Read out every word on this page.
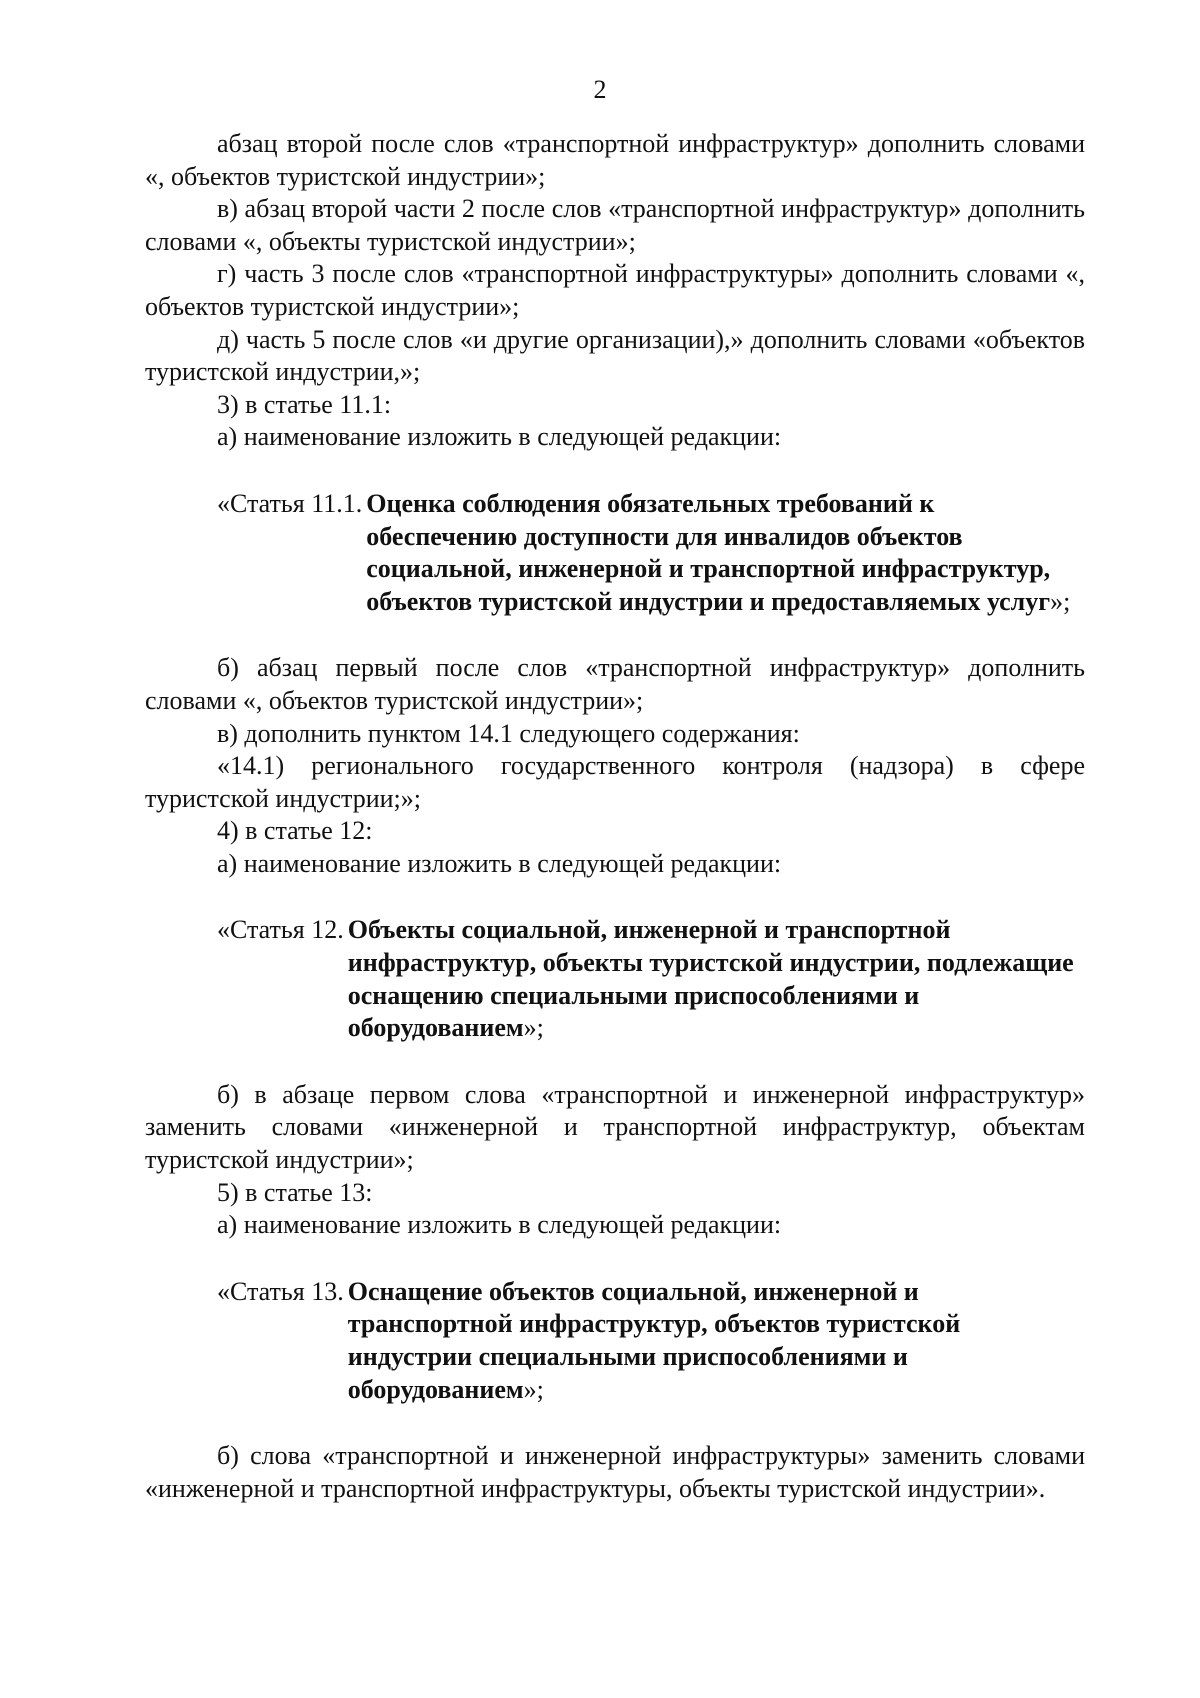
2

абзац второй после слов «транспортной инфраструктур» дополнить словами «, объектов туристской индустрии»;

в) абзац второй части 2 после слов «транспортной инфраструктур» дополнить словами «, объекты туристской индустрии»;

г) часть 3 после слов «транспортной инфраструктуры» дополнить словами «, объектов туристской индустрии»;

д) часть 5 после слов «и другие организации),» дополнить словами «объектов туристской индустрии,»;

3) в статье 11.1:

а) наименование изложить в следующей редакции:

«Статья 11.1. Оценка соблюдения обязательных требований к обеспечению доступности для инвалидов объектов социальной, инженерной и транспортной инфраструктур, объектов туристской индустрии и предоставляемых услуг»;

б) абзац первый после слов «транспортной инфраструктур» дополнить словами «, объектов туристской индустрии»;

в) дополнить пунктом 14.1 следующего содержания:

«14.1) регионального государственного контроля (надзора) в сфере туристской индустрии;»;

4) в статье 12:

а) наименование изложить в следующей редакции:

«Статья 12. Объекты социальной, инженерной и транспортной инфраструктур, объекты туристской индустрии, подлежащие оснащению специальными приспособлениями и оборудованием»;

б) в абзаце первом слова «транспортной и инженерной инфраструктур» заменить словами «инженерной и транспортной инфраструктур, объектам туристской индустрии»;

5) в статье 13:

а) наименование изложить в следующей редакции:

«Статья 13. Оснащение объектов социальной, инженерной и транспортной инфраструктур, объектов туристской индустрии специальными приспособлениями и оборудованием»;

б) слова «транспортной и инженерной инфраструктуры» заменить словами «инженерной и транспортной инфраструктуры, объекты туристской индустрии».
